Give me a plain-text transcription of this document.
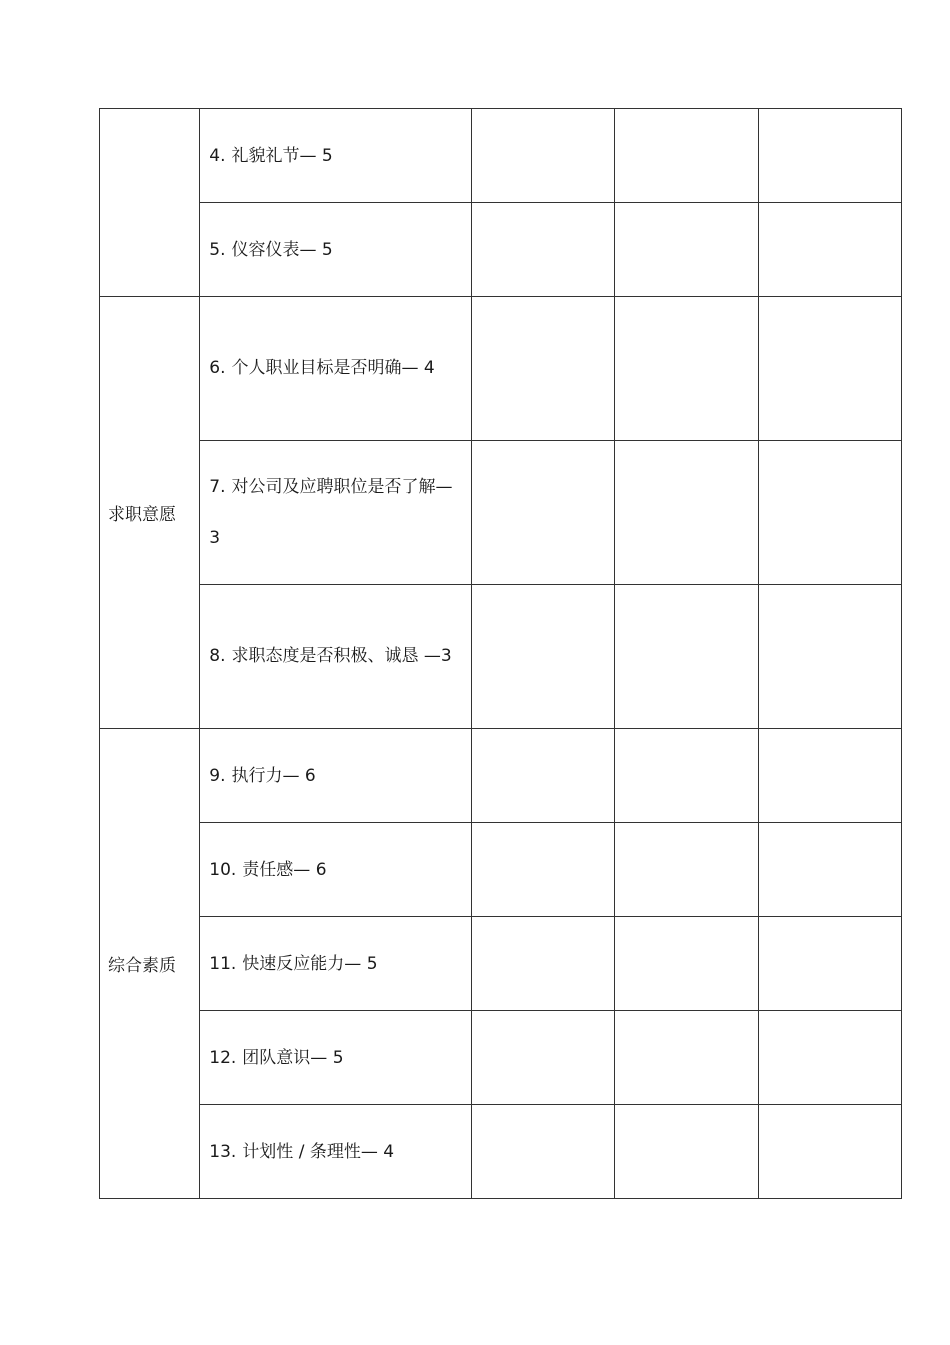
	4. 礼貌礼节— 5			

	5. 仪容仪表— 5			

求职意愿	6. 个人职业目标是否明确— 4			

	7. 对公司及应聘职位是否了解— 3			

	8. 求职态度是否积极、诚恳 —3			

综合素质	9. 执行力— 6			

	10. 责任感— 6			

	11. 快速反应能力— 5			

	12. 团队意识— 5			

	13. 计划性 / 条理性— 4			
